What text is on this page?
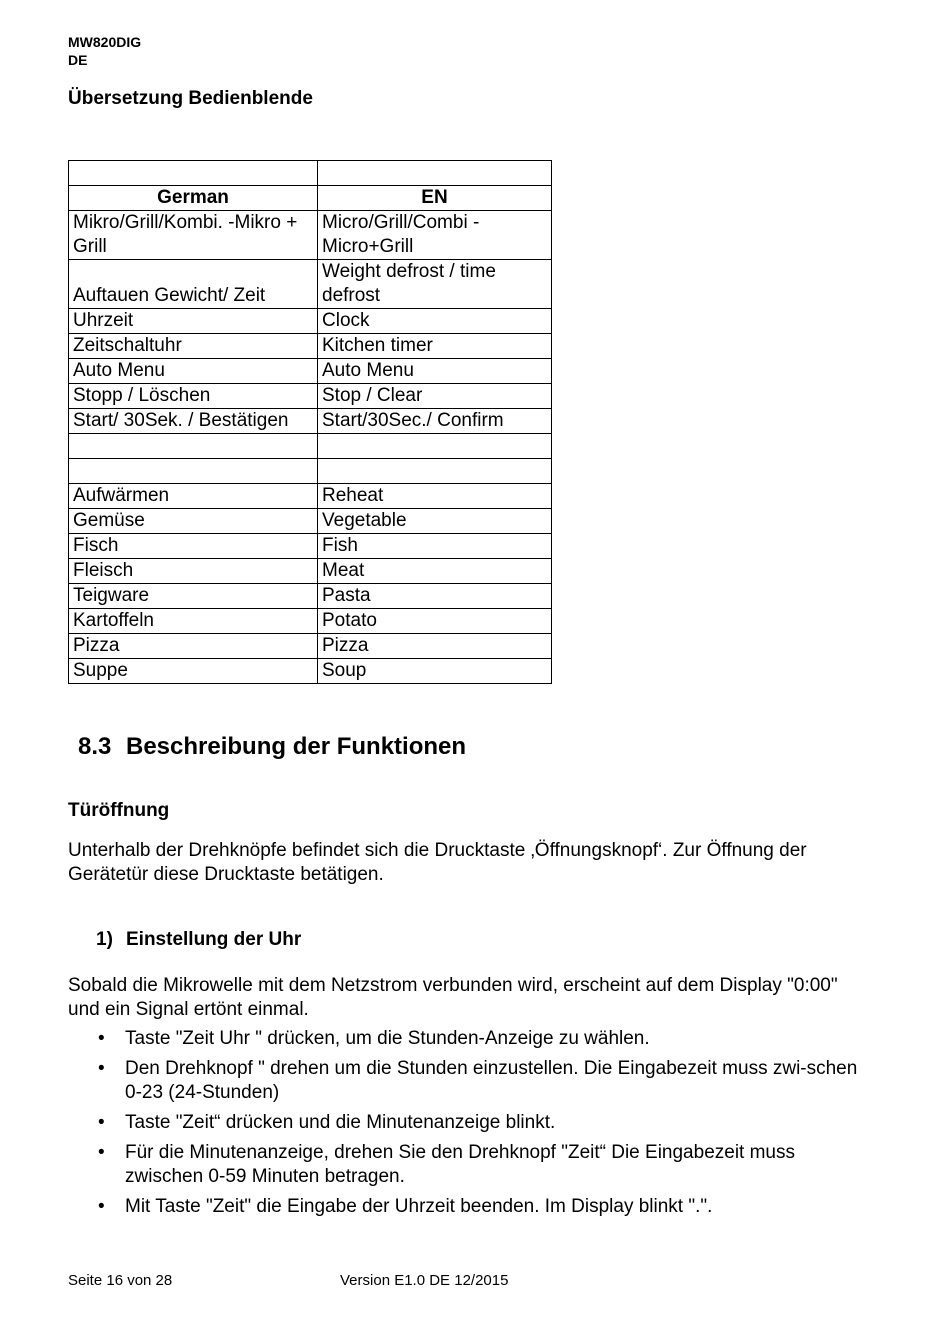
MW820DIG
DE
Übersetzung Bedienblende

German	EN
Mikro/Grill/Kombi. -Mikro + Grill	Micro/Grill/Combi - Micro+Grill
Auftauen Gewicht/ Zeit	Weight defrost / time defrost
Uhrzeit	Clock
Zeitschaltuhr	Kitchen timer
Auto Menu	Auto Menu
Stopp / Löschen	Stop / Clear
Start/ 30Sek. / Bestätigen	Start/30Sec./ Confirm

Aufwärmen	Reheat
Gemüse	Vegetable
Fisch	Fish
Fleisch	Meat
Teigware	Pasta
Kartoffeln	Potato
Pizza	Pizza
Suppe	Soup
8.3 Beschreibung der Funktionen
Türöffnung
Unterhalb der Drehknöpfe befindet sich die Drucktaste ‚Öffnungsknopf‘. Zur Öffnung der Gerätetür diese Drucktaste betätigen.
1) Einstellung der Uhr
Sobald die Mikrowelle mit dem Netzstrom verbunden wird, erscheint auf dem Display "0:00" und ein Signal ertönt einmal.
• Taste "Zeit Uhr " drücken, um die Stunden-Anzeige zu wählen.
• Den Drehknopf " drehen um die Stunden einzustellen. Die Eingabezeit muss zwi-schen 0-23 (24-Stunden)
• Taste "Zeit“ drücken und die Minutenanzeige blinkt.
• Für die Minutenanzeige, drehen Sie den Drehknopf "Zeit“ Die Eingabezeit muss zwischen 0-59 Minuten betragen.
• Mit Taste "Zeit" die Eingabe der Uhrzeit beenden. Im Display blinkt ".".
Seite 16 von 28	Version E1.0 DE 12/2015
